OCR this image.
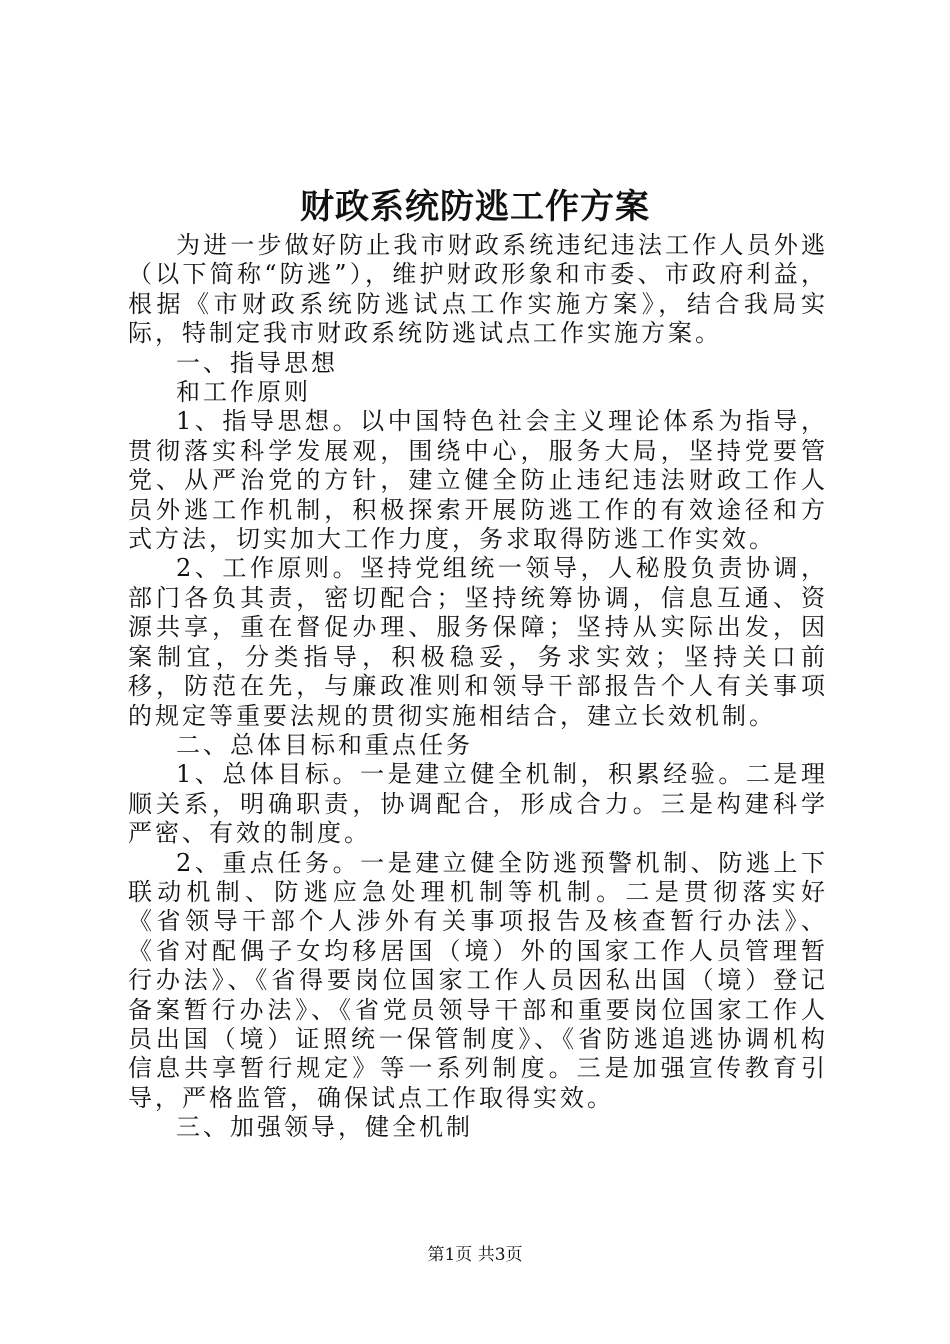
财政系统防逃工作方案

为进一步做好防止我市财政系统违纪违法工作人员外逃（以下简称“防逃”），维护财政形象和市委、市政府利益，根据《市财政系统防逃试点工作实施方案》，结合我局实际，特制定我市财政系统防逃试点工作实施方案。

一、指导思想

和工作原则

1、指导思想。以中国特色社会主义理论体系为指导，贯彻落实科学发展观，围绕中心，服务大局，坚持党要管党、从严治党的方针，建立健全防止违纪违法财政工作人员外逃工作机制，积极探索开展防逃工作的有效途径和方式方法，切实加大工作力度，务求取得防逃工作实效。

2、工作原则。坚持党组统一领导，人秘股负责协调，部门各负其责，密切配合；坚持统筹协调，信息互通、资源共享，重在督促办理、服务保障；坚持从实际出发，因案制宜，分类指导，积极稳妥，务求实效；坚持关口前移，防范在先，与廉政准则和领导干部报告个人有关事项的规定等重要法规的贯彻实施相结合，建立长效机制。

二、总体目标和重点任务

1、总体目标。一是建立健全机制，积累经验。二是理顺关系，明确职责，协调配合，形成合力。三是构建科学严密、有效的制度。

2、重点任务。一是建立健全防逃预警机制、防逃上下联动机制、防逃应急处理机制等机制。二是贯彻落实好《省领导干部个人涉外有关事项报告及核查暂行办法》、《省对配偶子女均移居国（境）外的国家工作人员管理暂行办法》、《省得要岗位国家工作人员因私出国（境）登记备案暂行办法》、《省党员领导干部和重要岗位国家工作人员出国（境）证照统一保管制度》、《省防逃追逃协调机构信息共享暂行规定》等一系列制度。三是加强宣传教育引导，严格监管，确保试点工作取得实效。

三、加强领导，健全机制

第1页 共3页
